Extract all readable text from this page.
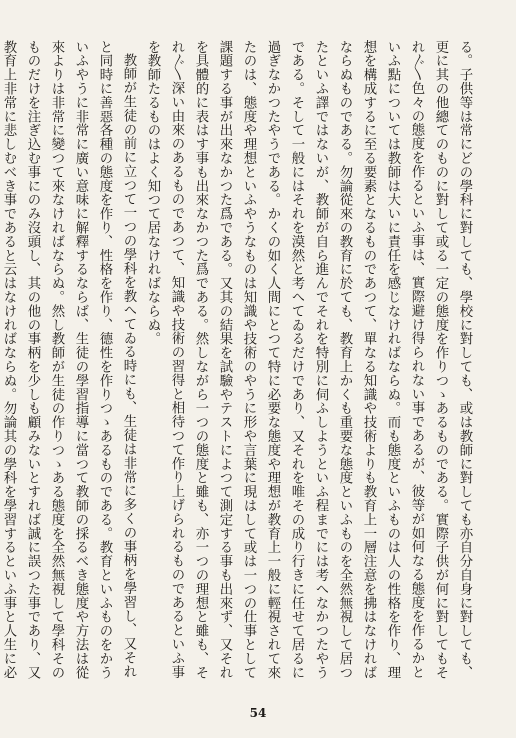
る。子供等は常にどの學科に對しても、學校に對しても、或は教師に對しても亦自分自身に對しても、更に其の他總てのものに對して或る一定の態度を作りつゝあるものである。實際子供が何に對してもそれ〲色々の態度を作るといふ事は、實際避け得られない事であるが、彼等が如何なる態度を作るかといふ點については教師は大いに責任を感じなければならぬ。而も態度といふものは人の性格を作り、理想を構成するに至る要素となるものであつて、單なる知識や技術よりも教育上一層注意を拂はなければならぬものである。勿論從來の教育に於ても、教育上かくも重要な態度といふものを全然無視して居つたといふ譯ではないが、教師が自ら進んでそれを特別に伺ふしようといふ程までには考へなかつたやうである。そして一般にはそれを漠然と考へてゐるだけであり、又それを唯その成り行きに任せて居るに過ぎなかつたやうである。かくの如く人間にとつて特に必要な態度や理想が教育上一般に輕視されて來たのは、態度や理想といふやうなものは知識や技術のやうに形や言葉に現はして或は一つの仕事として課題する事が出來なかつた爲である。又其の結果を試驗やテストによつて測定する事も出來ず、又それを具體的に表はす事も出來なかつた爲である。然しながら一つの態度と雖も、亦一つの理想と雖も、それ〲深い由來のあるものであつて、知識や技術の習得と相待つて作り上げられるものであるといふ事を教師たるものはよく知つて居なければならぬ。

教師が生徒の前に立つて一つの學科を教へてゐる時にも、生徒は非常に多くの事柄を學習し、又それと同時に善惡各種の態度を作り、性格を作り、德性を作りつゝあるものである。教育といふものをかういふやうに非常に廣い意味に解釋するならば、生徒の學習指導に當つて教師の採るべき態度や方法は從來よりは非常に變つて來なければならぬ。然し教師が生徒の作りつゝある態度を全然無視して學科そのものだけを注ぎ込む事にのみ沒頭し、其の他の事柄を少しも顧みないとすれば誠に誤つた事であり、又教育上非常に悲しむべき事であると云はなければならぬ。勿論其の學科を學習するといふ事と人生に必

54
